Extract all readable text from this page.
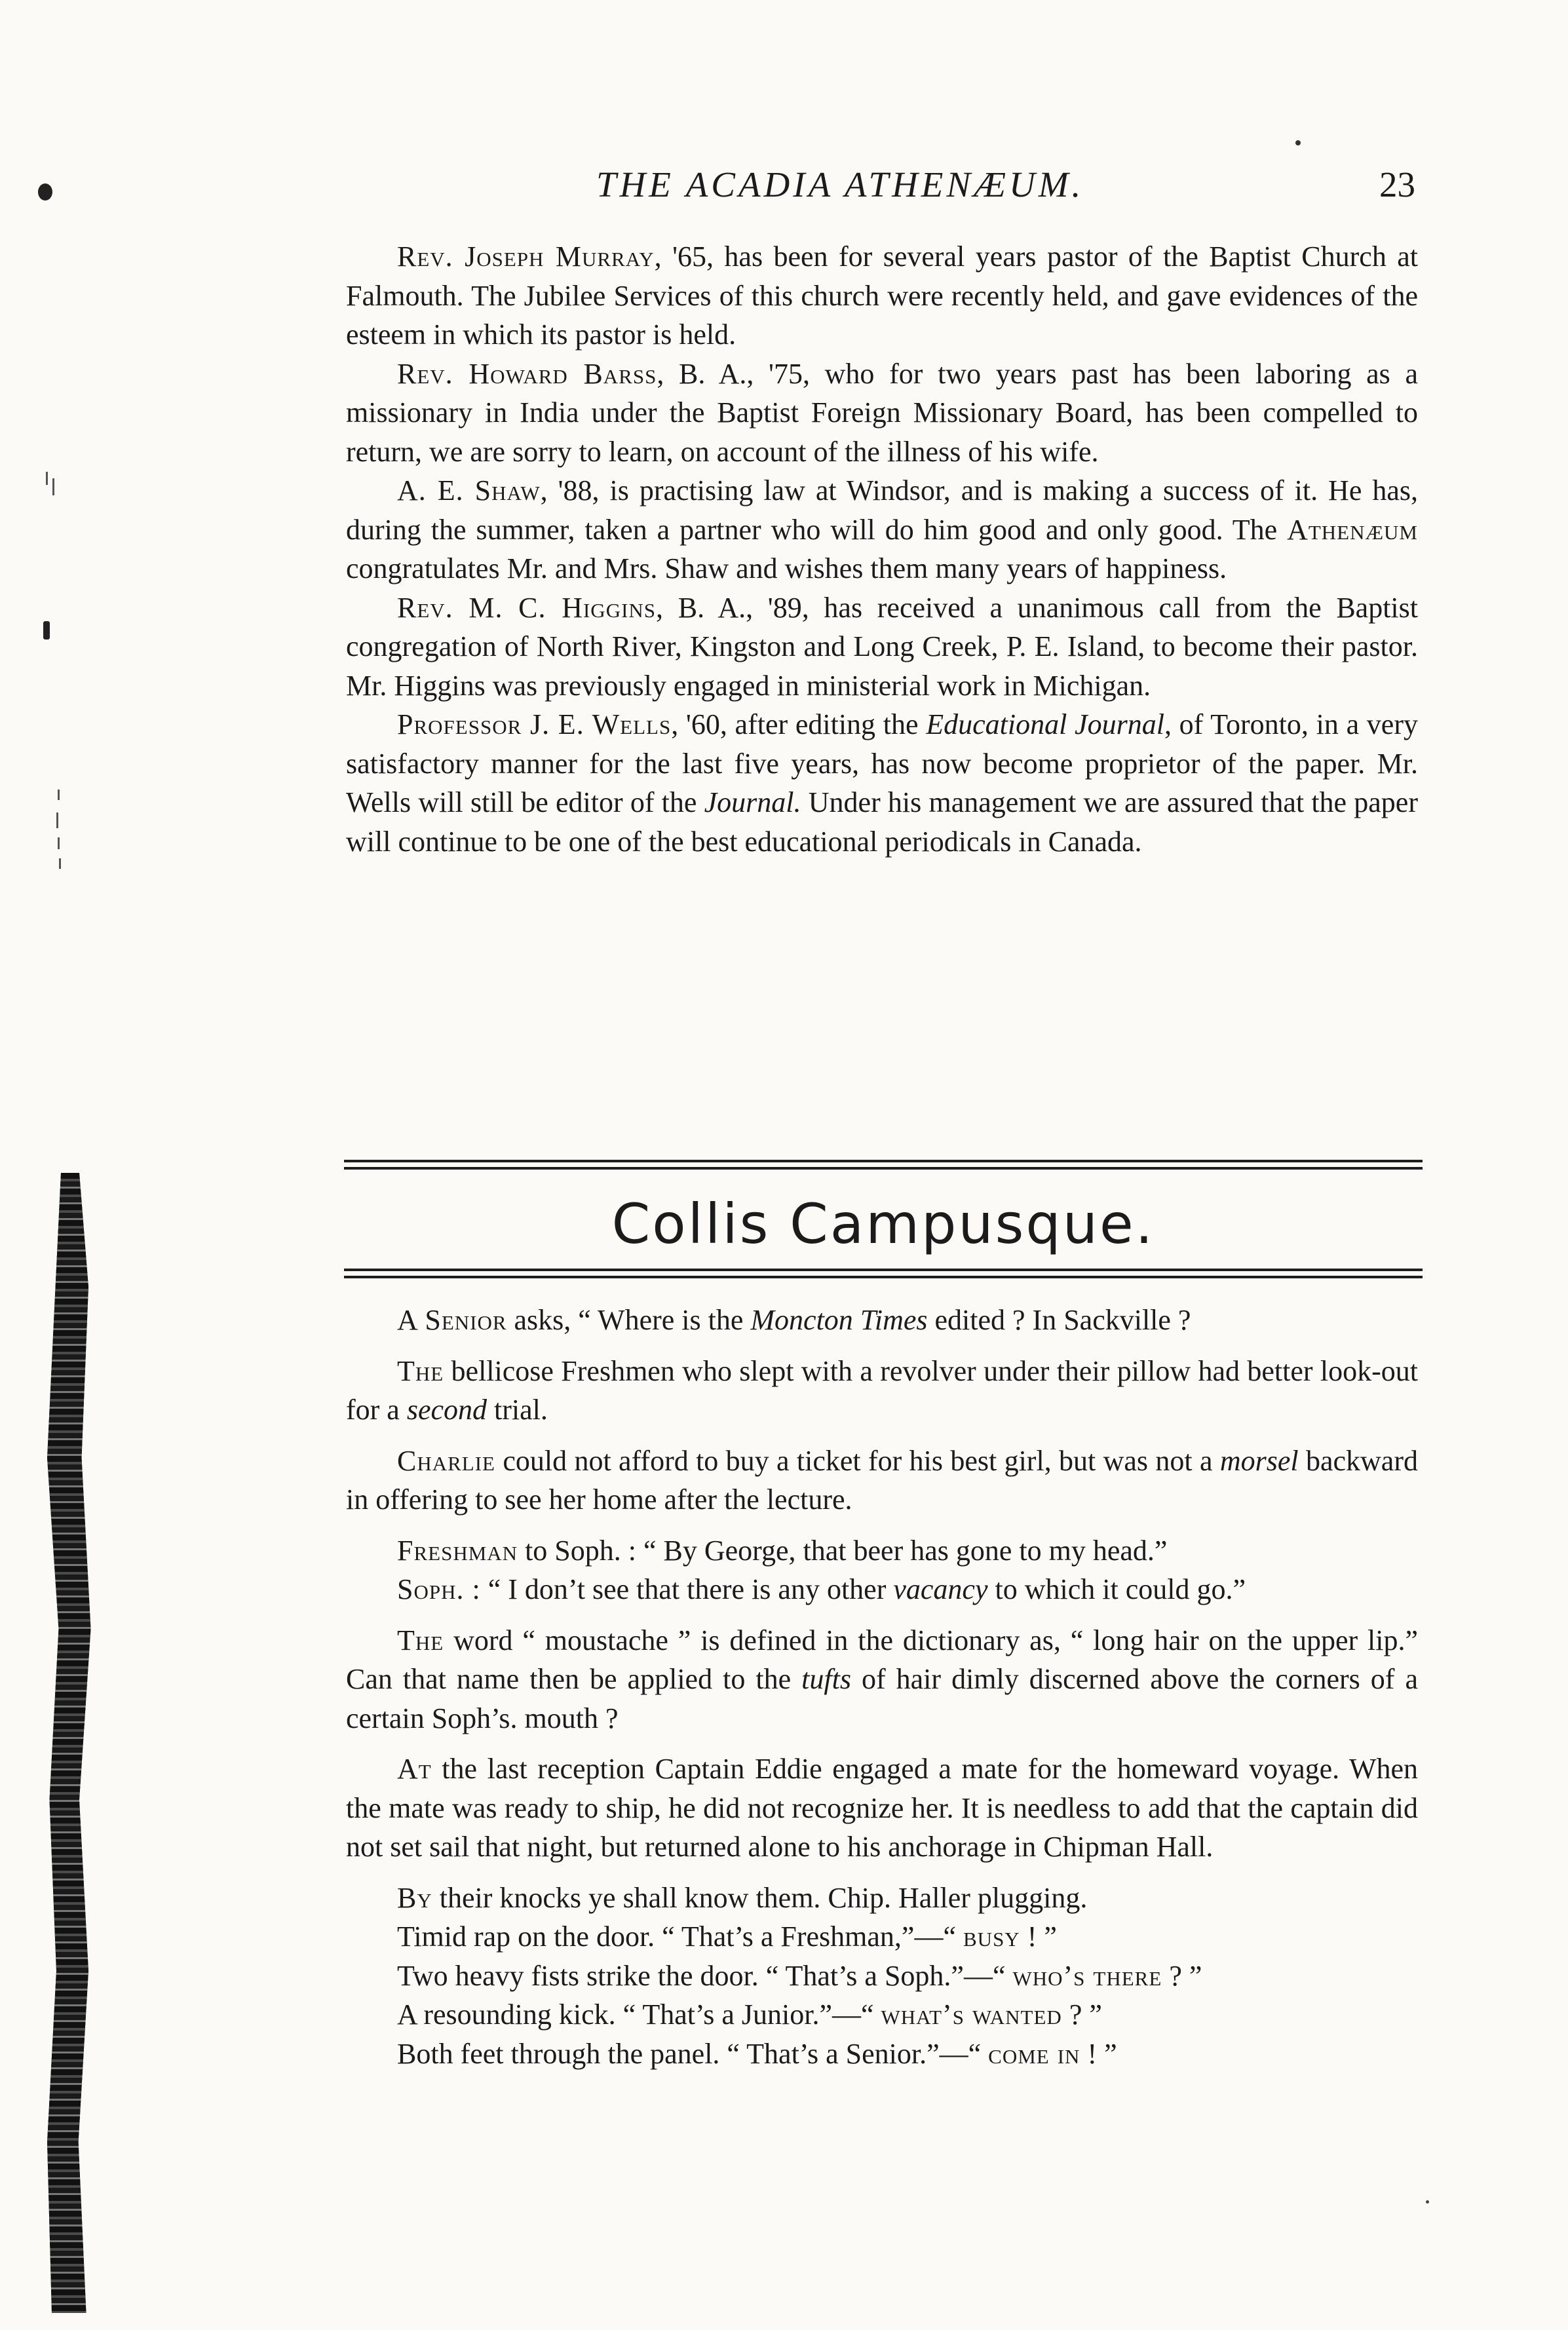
THE ACADIA ATHENÆUM.	23

Rev. Joseph Murray, '65, has been for several years pastor of the Baptist Church at Falmouth. The Jubilee Services of this church were recently held, and gave evidences of the esteem in which its pastor is held.

Rev. Howard Barss, B. A., '75, who for two years past has been laboring as a missionary in India under the Baptist Foreign Missionary Board, has been compelled to return, we are sorry to learn, on account of the illness of his wife.

A. E. Shaw, '88, is practising law at Windsor, and is making a success of it. He has, during the summer, taken a partner who will do him good and only good. The Athenæum congratulates Mr. and Mrs. Shaw and wishes them many years of happiness.

Rev. M. C. Higgins, B. A., '89, has received a unanimous call from the Baptist congregation of North River, Kingston and Long Creek, P. E. Island, to become their pastor. Mr. Higgins was previously engaged in ministerial work in Michigan.

Professor J. E. Wells, '60, after editing the Educational Journal, of Toronto, in a very satisfactory manner for the last five years, has now become proprietor of the paper. Mr. Wells will still be editor of the Journal. Under his management we are assured that the paper will continue to be one of the best educational periodicals in Canada.

Collis Campusque.

A Senior asks, “ Where is the Moncton Times edited ? In Sackville ?

The bellicose Freshmen who slept with a revolver under their pillow had better look-out for a second trial.

Charlie could not afford to buy a ticket for his best girl, but was not a morsel backward in offering to see her home after the lecture.

Freshman to Soph. : “ By George, that beer has gone to my head.”

Soph. : “ I don’t see that there is any other vacancy to which it could go.”

The word “ moustache ” is defined in the dictionary as, “ long hair on the upper lip.” Can that name then be applied to the tufts of hair dimly discerned above the corners of a certain Soph’s. mouth ?

At the last reception Captain Eddie engaged a mate for the homeward voyage. When the mate was ready to ship, he did not recognize her. It is needless to add that the captain did not set sail that night, but returned alone to his anchorage in Chipman Hall.

By their knocks ye shall know them. Chip. Haller plugging.
Timid rap on the door. “ That’s a Freshman,”—“ busy ! ”
Two heavy fists strike the door. “ That’s a Soph.”—“ who’s there ? ”
A resounding kick. “ That’s a Junior.”—“ what’s wanted ? ”
Both feet through the panel. “ That’s a Senior.”—“ come in ! ”
